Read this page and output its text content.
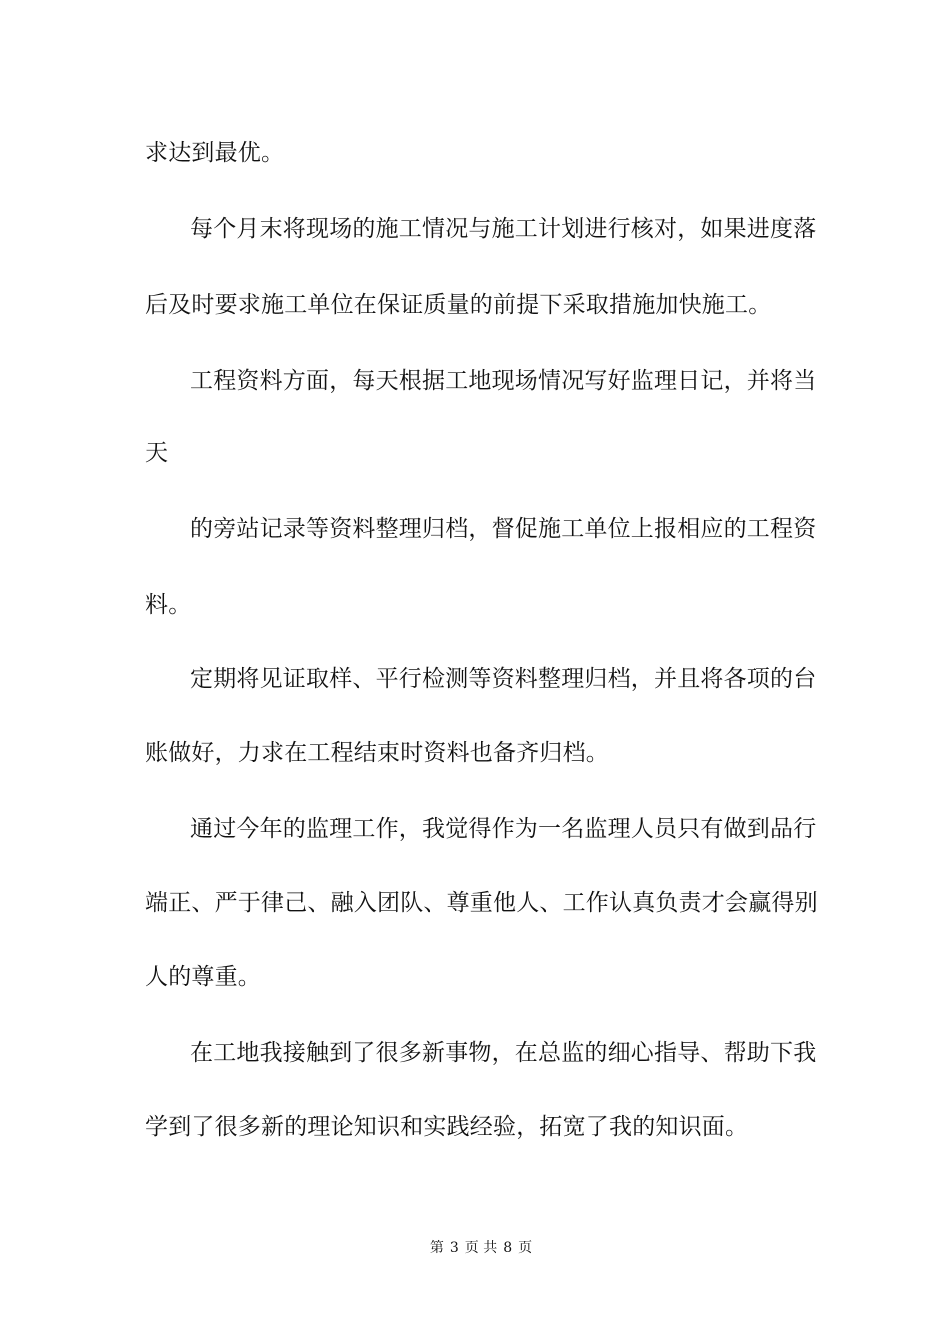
求达到最优。
每个月末将现场的施工情况与施工计划进行核对，如果进度落
后及时要求施工单位在保证质量的前提下采取措施加快施工。
工程资料方面，每天根据工地现场情况写好监理日记，并将当
天
的旁站记录等资料整理归档，督促施工单位上报相应的工程资
料。
定期将见证取样、平行检测等资料整理归档，并且将各项的台
账做好，力求在工程结束时资料也备齐归档。
通过今年的监理工作，我觉得作为一名监理人员只有做到品行
端正、严于律己、融入团队、尊重他人、工作认真负责才会赢得别
人的尊重。
在工地我接触到了很多新事物，在总监的细心指导、帮助下我
学到了很多新的理论知识和实践经验，拓宽了我的知识面。
第 3 页 共 8 页
